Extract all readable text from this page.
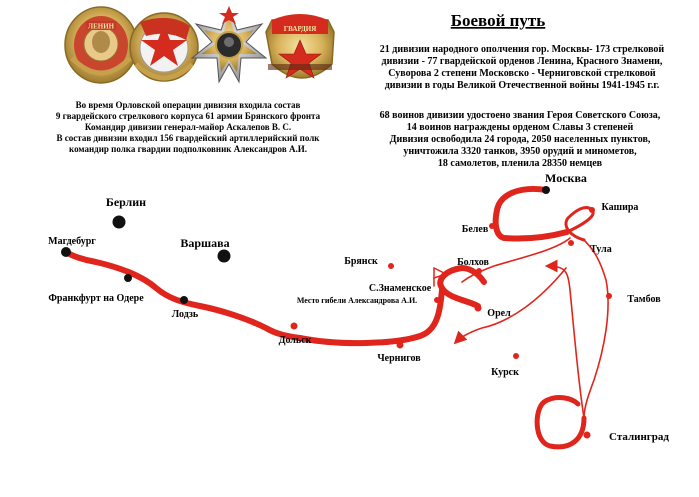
ЛЕНИН	ГВАРДИЯ	Боевой путь
21 дивизии народного ополчения гор. Москвы- 173 стрелковой
дивизии - 77 гвардейской орденов Ленина, Красного Знамени,
Суворова 2 степени Московско - Черниговской стрелковой
дивизии в годы Великой Отечественной войны 1941-1945 г.г.
68 воинов дивизии удостоено звания Героя Советского Союза,
14 воинов награждены орденом Славы 3 степеней
Дивизия освободила 24 города, 2050 населенных пунктов,
уничтожила 3320 танков, 3950 орудий и минометов,
18 самолетов, пленила 28350 немцев
Во время Орловской операции дивизия входила состав
9 гвардейского стрелкового корпуса 61 армии Брянского фронта
Командир дивизии генерал-майор Аскалепов В. С.
В состав дивизии входил 156 гвардейский артиллерийский полк
командир полка гвардии подполковник Александров А.И.
Берлин
Варшава
Москва
Магдебург
Франкфурт на Одере
Лодзь
Дольск
Чернигов
Брянск
С.Знаменское
Место гибели Александрова А.И.
Болхов
Орел
Белев
Кашира
Тула
Тамбов
Курск
Сталинград
